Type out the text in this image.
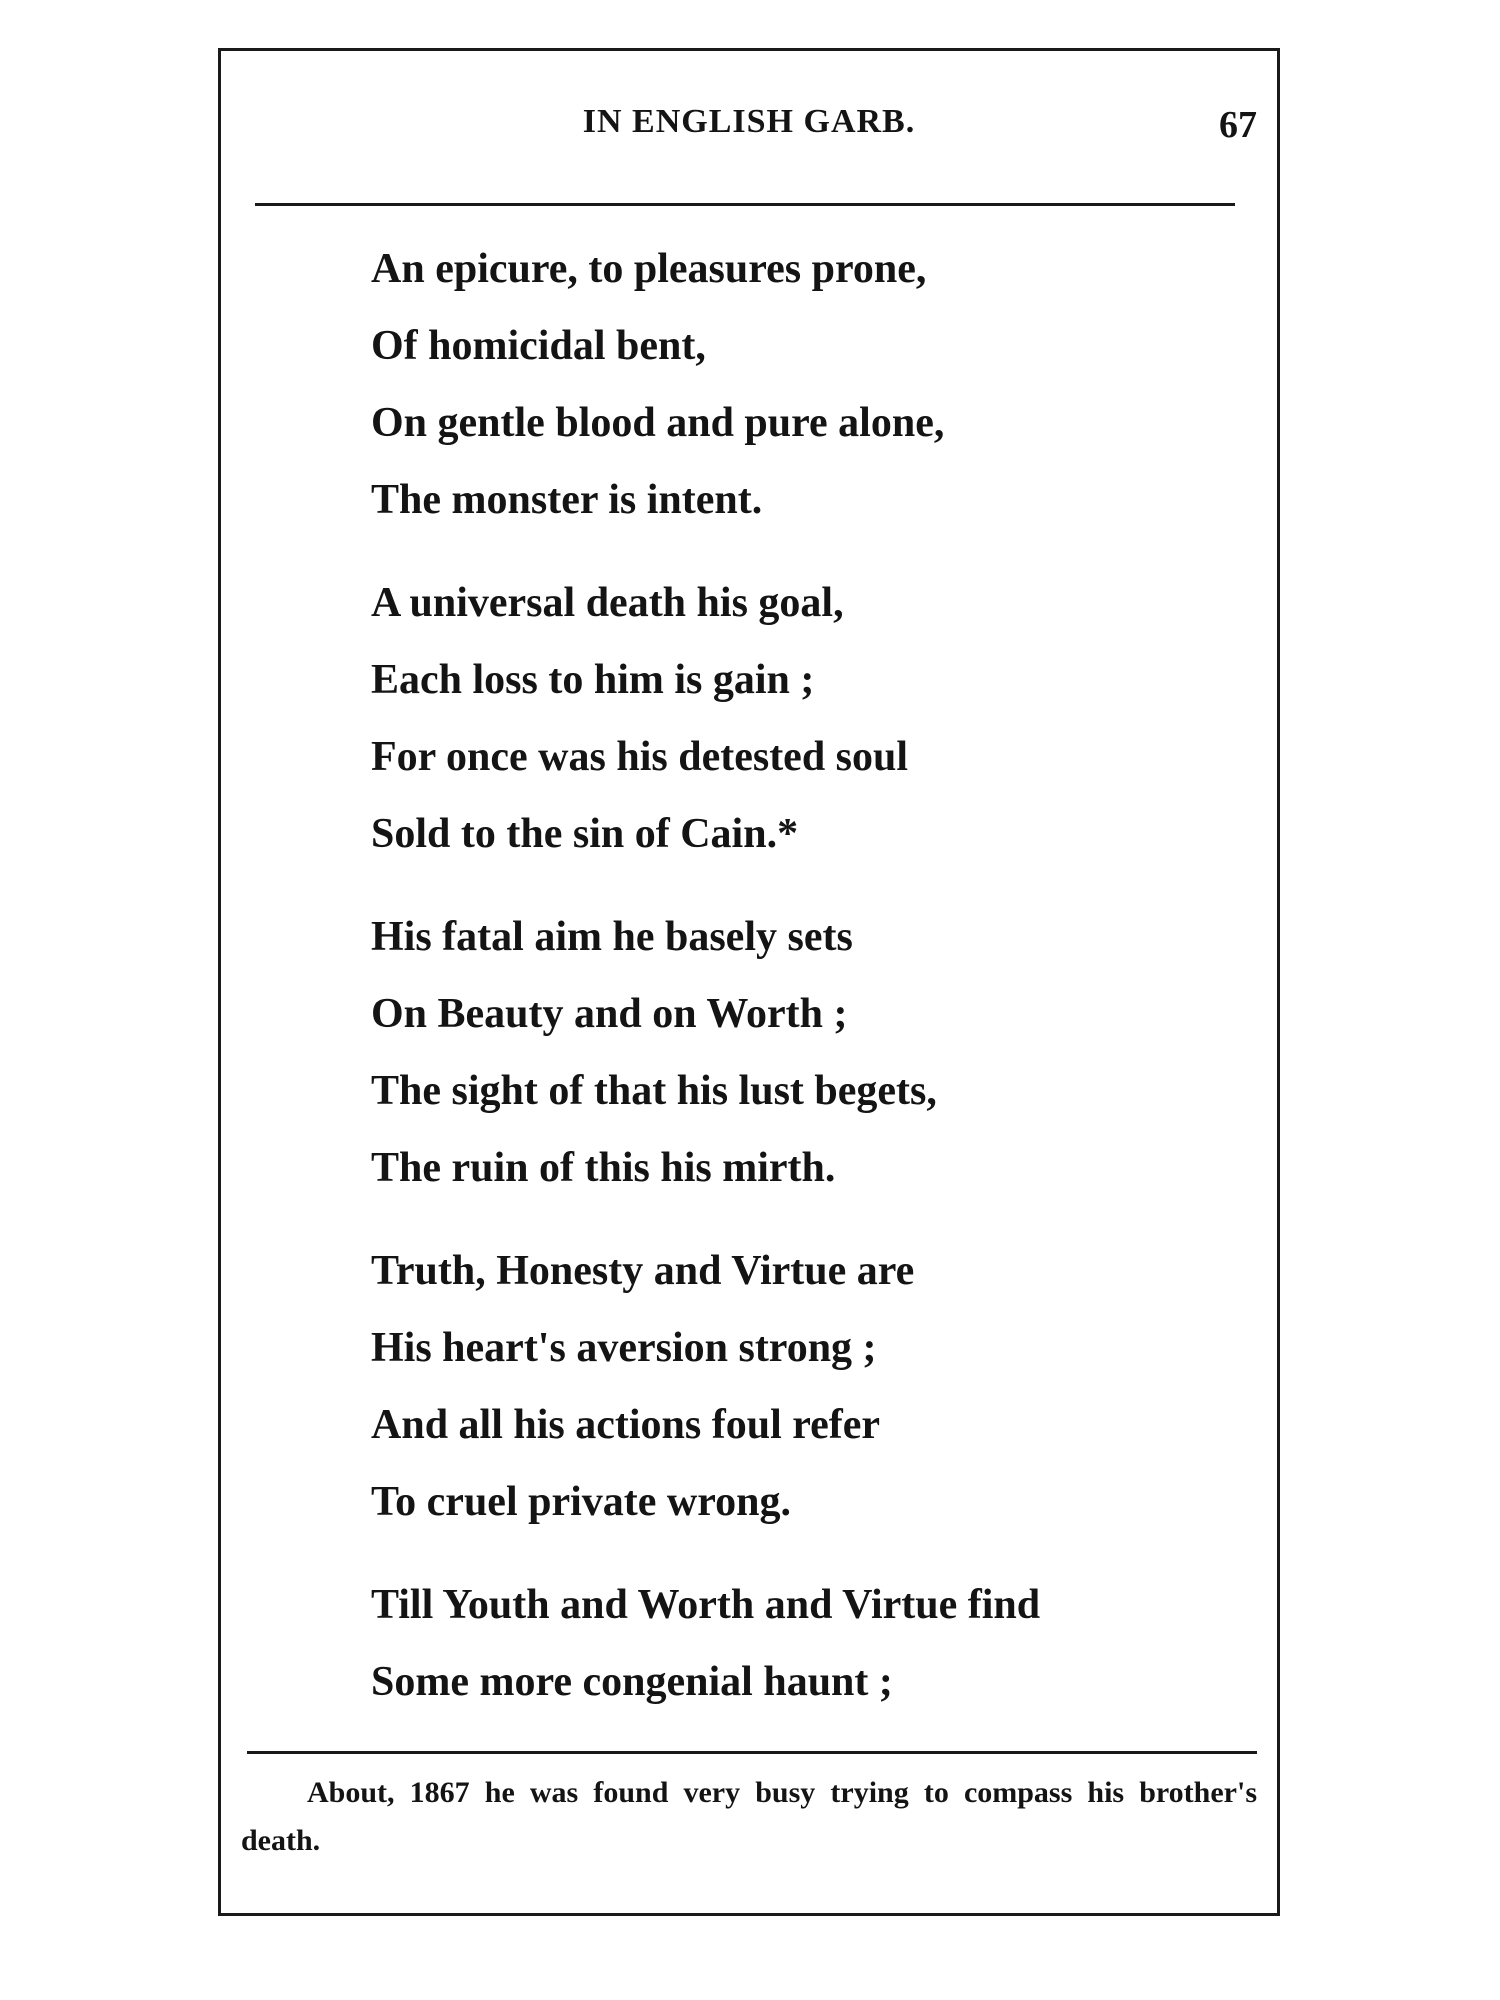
IN ENGLISH GARB.	67
An epicure, to pleasures prone,
Of homicidal bent,
On gentle blood and pure alone,
The monster is intent.
A universal death his goal,
Each loss to him is gain ;
For once was his detested soul
Sold to the sin of Cain.*
His fatal aim he basely sets
On Beauty and on Worth ;
The sight of that his lust begets,
The ruin of this his mirth.
Truth, Honesty and Virtue are
His heart's aversion strong ;
And all his actions foul refer
To cruel private wrong.
Till Youth and Worth and Virtue find
Some more congenial haunt ;
About, 1867 he was found very busy trying to compass his brother's death.
